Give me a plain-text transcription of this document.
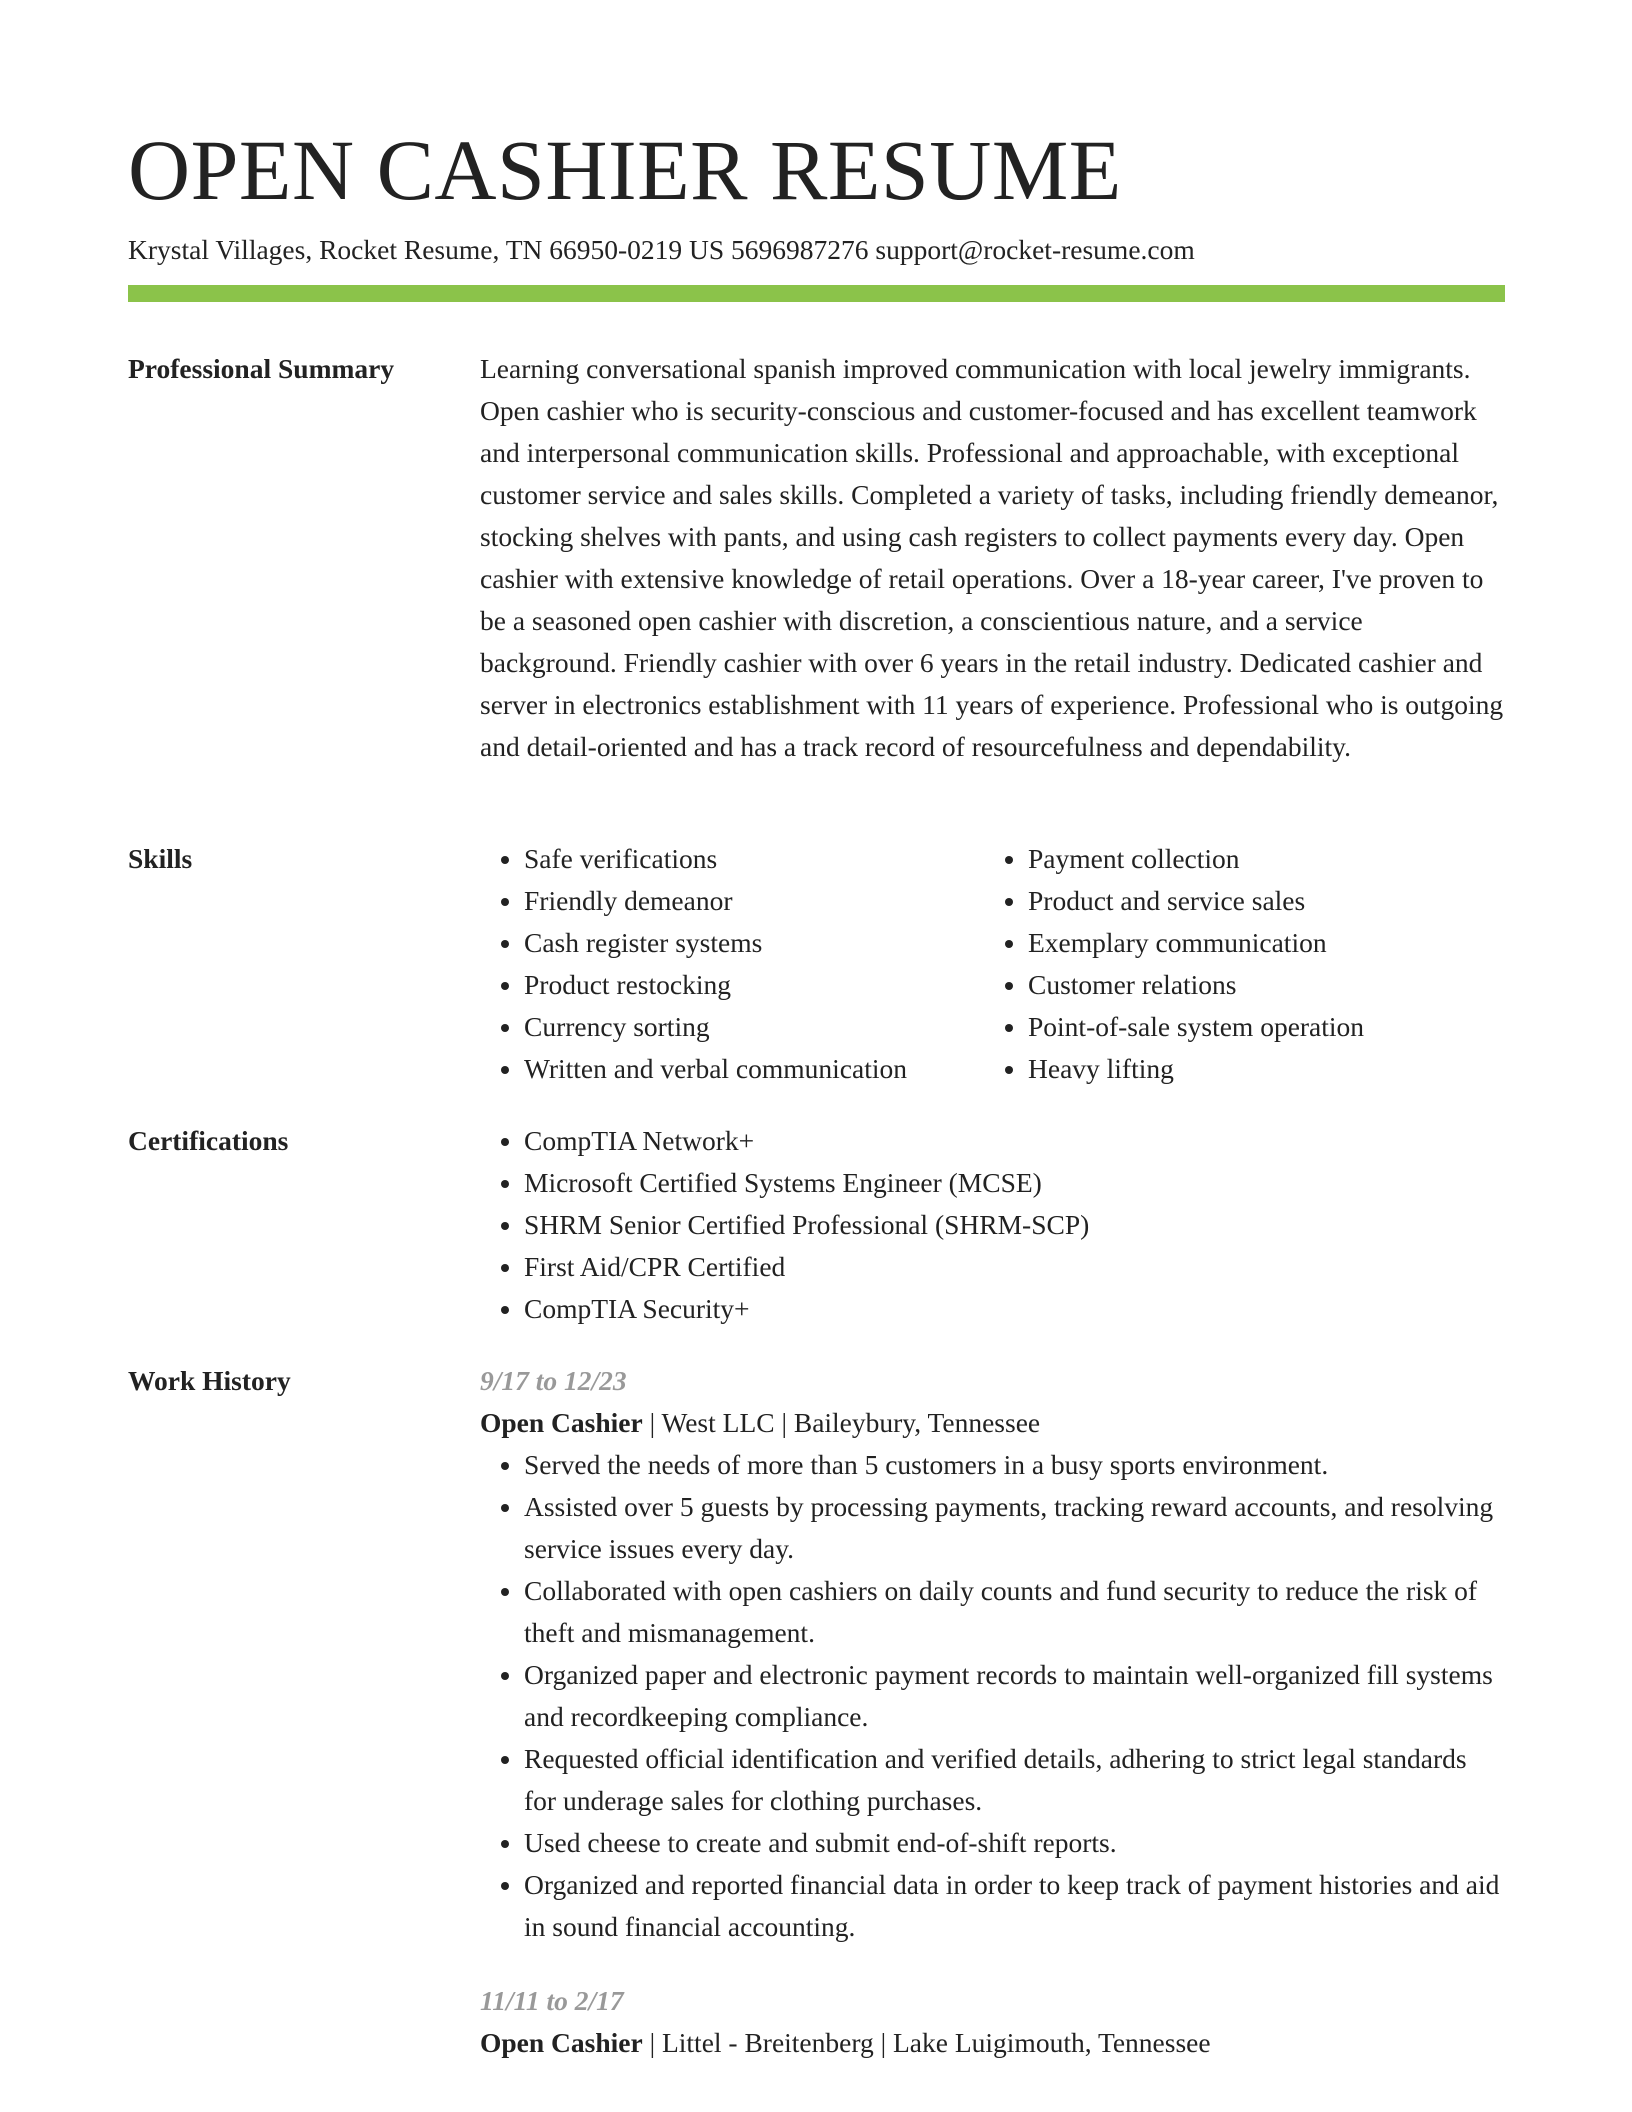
OPEN CASHIER RESUME
Krystal Villages, Rocket Resume, TN 66950-0219 US 5696987276 support@rocket-resume.com
Professional Summary	Learning conversational spanish improved communication with local jewelry immigrants. Open cashier who is security-conscious and customer-focused and has excellent teamwork and interpersonal communication skills. Professional and approachable, with exceptional customer service and sales skills. Completed a variety of tasks, including friendly demeanor, stocking shelves with pants, and using cash registers to collect payments every day. Open cashier with extensive knowledge of retail operations. Over a 18-year career, I've proven to be a seasoned open cashier with discretion, a conscientious nature, and a service background. Friendly cashier with over 6 years in the retail industry. Dedicated cashier and server in electronics establishment with 11 years of experience. Professional who is outgoing and detail-oriented and has a track record of resourcefulness and dependability.

Skills	• Safe verifications
• Friendly demeanor
• Cash register systems
• Product restocking
• Currency sorting
• Written and verbal communication
• Payment collection
• Product and service sales
• Exemplary communication
• Customer relations
• Point-of-sale system operation
• Heavy lifting
Certifications	• CompTIA Network+
• Microsoft Certified Systems Engineer (MCSE)
• SHRM Senior Certified Professional (SHRM-SCP)
• First Aid/CPR Certified
• CompTIA Security+
Work History	9/17 to 12/23
Open Cashier | West LLC | Baileybury, Tennessee
• Served the needs of more than 5 customers in a busy sports environment.
• Assisted over 5 guests by processing payments, tracking reward accounts, and resolving service issues every day.
• Collaborated with open cashiers on daily counts and fund security to reduce the risk of theft and mismanagement.
• Organized paper and electronic payment records to maintain well-organized fill systems and recordkeeping compliance.
• Requested official identification and verified details, adhering to strict legal standards for underage sales for clothing purchases.
• Used cheese to create and submit end-of-shift reports.
• Organized and reported financial data in order to keep track of payment histories and aid in sound financial accounting.
11/11 to 2/17
Open Cashier | Littel - Breitenberg | Lake Luigimouth, Tennessee
